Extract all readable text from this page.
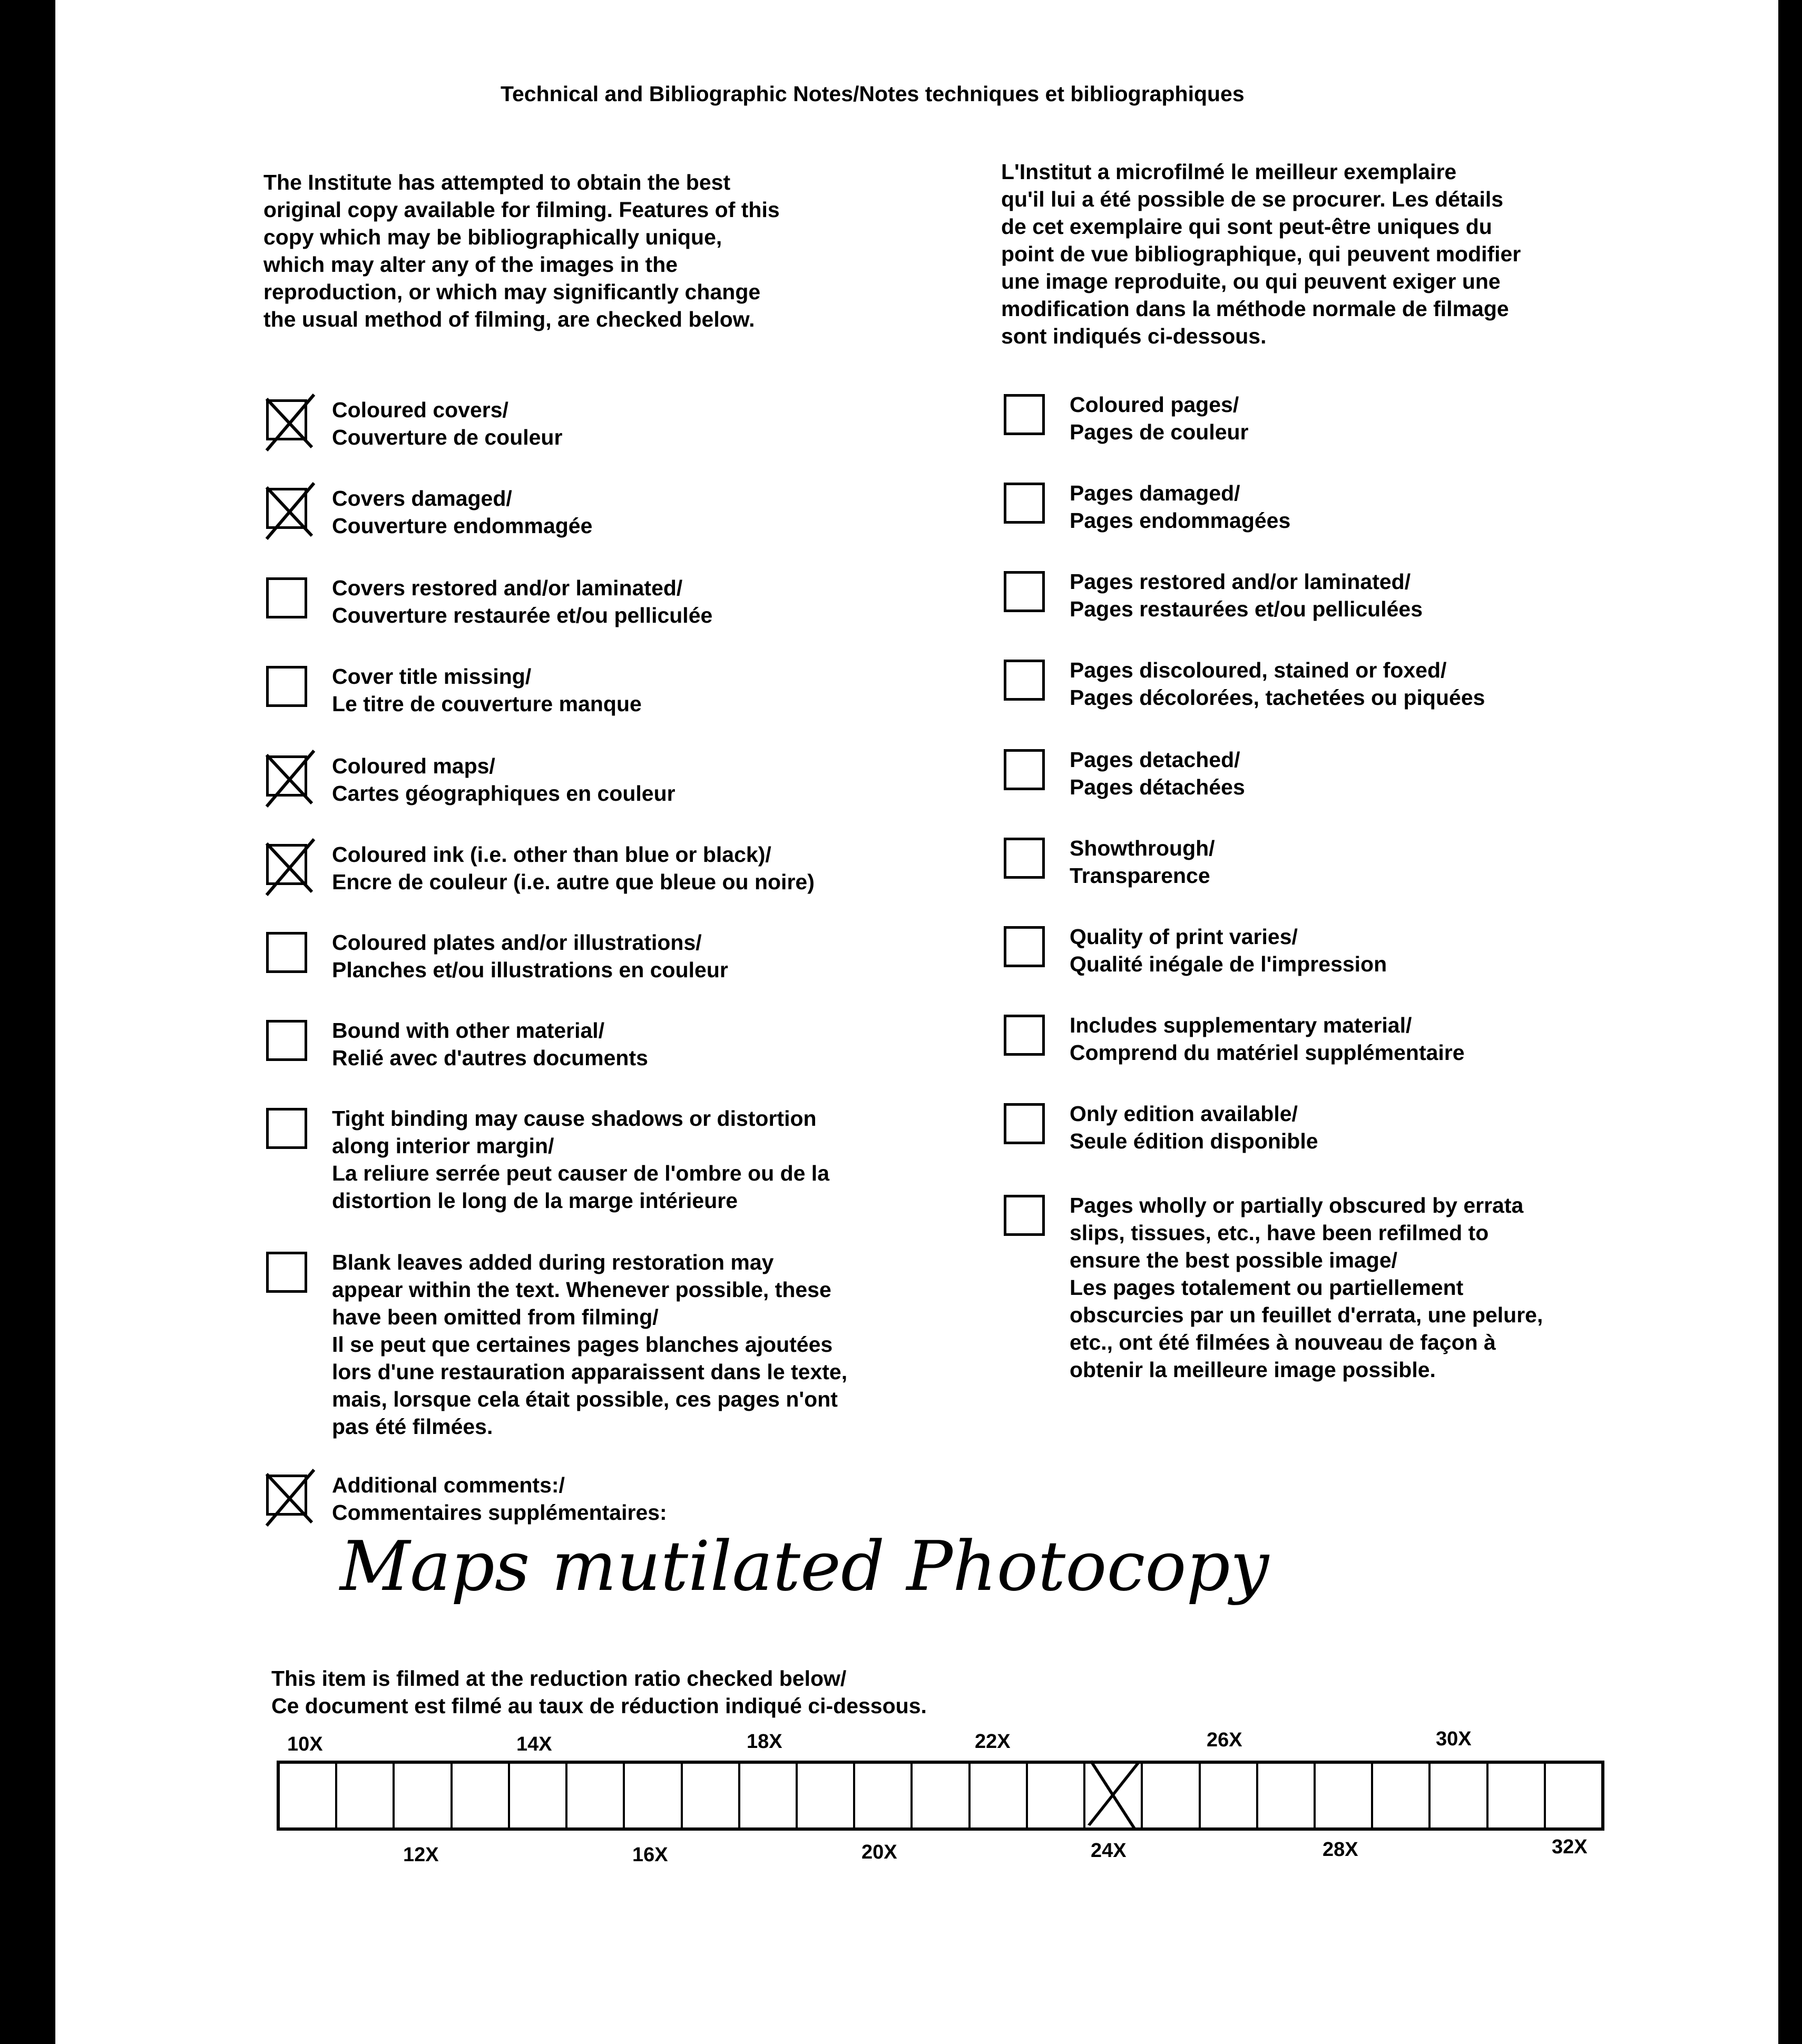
Technical and Bibliographic Notes/Notes techniques et bibliographiques
The Institute has attempted to obtain the best
original copy available for filming. Features of this
copy which may be bibliographically unique,
which may alter any of the images in the
reproduction, or which may significantly change
the usual method of filming, are checked below.
L'Institut a microfilmé le meilleur exemplaire
qu'il lui a été possible de se procurer. Les détails
de cet exemplaire qui sont peut-être uniques du
point de vue bibliographique, qui peuvent modifier
une image reproduite, ou qui peuvent exiger une
modification dans la méthode normale de filmage
sont indiqués ci-dessous.
Coloured covers/
Couverture de couleur
Covers damaged/
Couverture endommagée
Covers restored and/or laminated/
Couverture restaurée et/ou pelliculée
Cover title missing/
Le titre de couverture manque
Coloured maps/
Cartes géographiques en couleur
Coloured ink (i.e. other than blue or black)/
Encre de couleur (i.e. autre que bleue ou noire)
Coloured plates and/or illustrations/
Planches et/ou illustrations en couleur
Bound with other material/
Relié avec d'autres documents
Tight binding may cause shadows or distortion
along interior margin/
La reliure serrée peut causer de l'ombre ou de la
distortion le long de la marge intérieure
Blank leaves added during restoration may
appear within the text. Whenever possible, these
have been omitted from filming/
Il se peut que certaines pages blanches ajoutées
lors d'une restauration apparaissent dans le texte,
mais, lorsque cela était possible, ces pages n'ont
pas été filmées.
Additional comments:/
Commentaires supplémentaires:
Coloured pages/
Pages de couleur
Pages damaged/
Pages endommagées
Pages restored and/or laminated/
Pages restaurées et/ou pelliculées
Pages discoloured, stained or foxed/
Pages décolorées, tachetées ou piquées
Pages detached/
Pages détachées
Showthrough/
Transparence
Quality of print varies/
Qualité inégale de l'impression
Includes supplementary material/
Comprend du matériel supplémentaire
Only edition available/
Seule édition disponible
Pages wholly or partially obscured by errata
slips, tissues, etc., have been refilmed to
ensure the best possible image/
Les pages totalement ou partiellement
obscurcies par un feuillet d'errata, une pelure,
etc., ont été filmées à nouveau de façon à
obtenir la meilleure image possible.
Maps mutilated Photocopy
This item is filmed at the reduction ratio checked below/
Ce document est filmé au taux de réduction indiqué ci-dessous.
10X	14X	18X	22X	26X	30X
12X	16X	20X	24X	28X	32X
